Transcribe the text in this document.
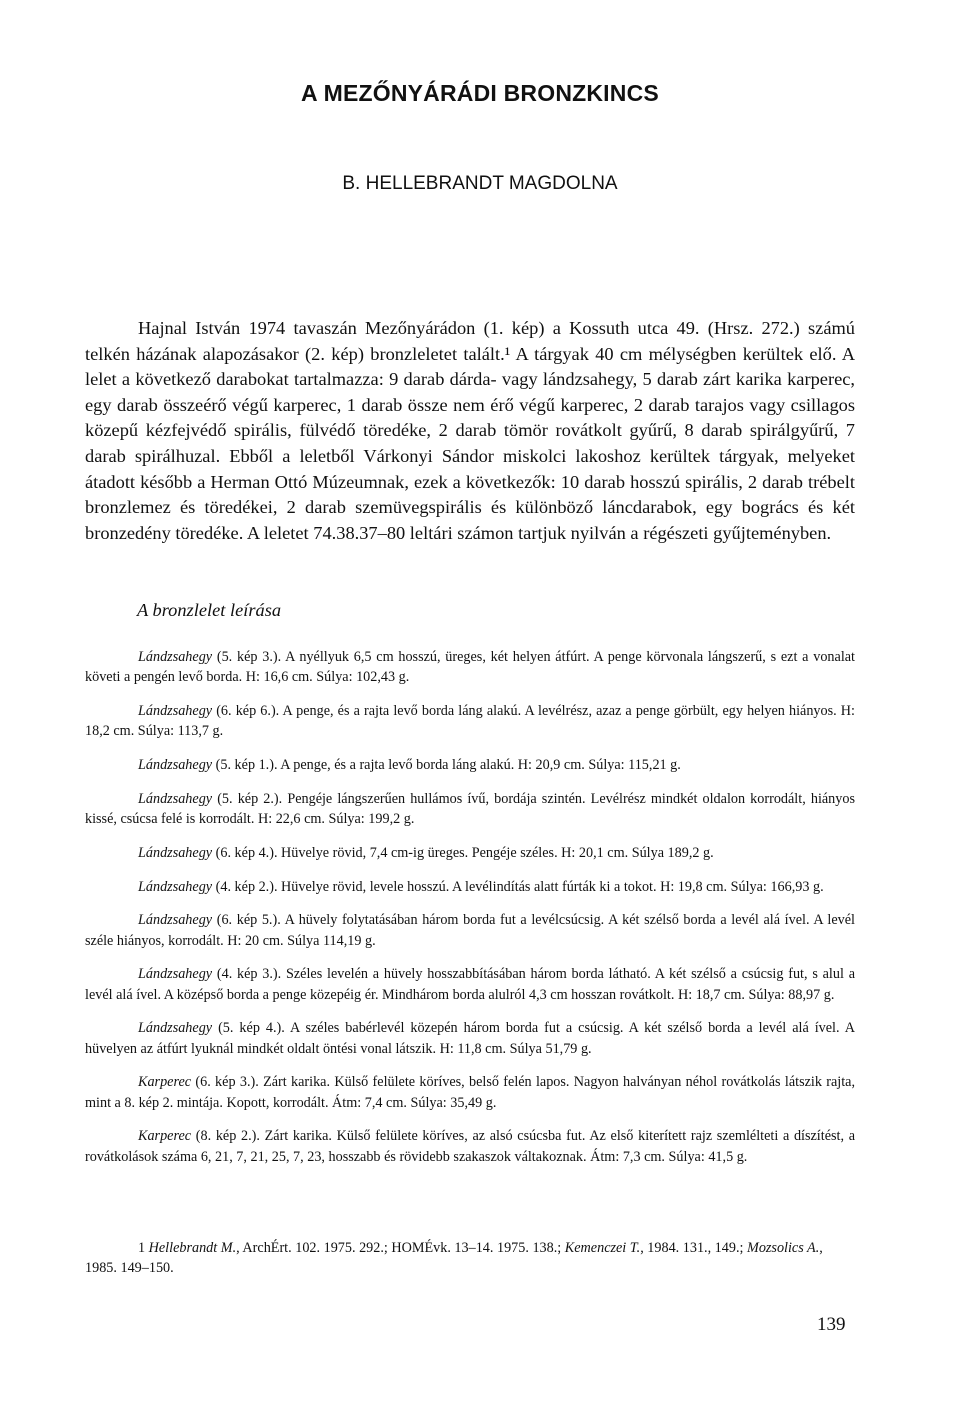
A MEZŐNYÁRÁDI BRONZKINCS
B. HELLEBRANDT MAGDOLNA

Hajnal István 1974 tavaszán Mezőnyárádon (1. kép) a Kossuth utca 49. (Hrsz. 272.) számú telkén házának alapozásakor (2. kép) bronzleletet talált.¹ A tárgyak 40 cm mélységben kerültek elő. A lelet a következő darabokat tartalmazza: 9 darab dárda- vagy lándzsahegy, 5 darab zárt karika karperec, egy darab összeérő végű karperec, 1 darab össze nem érő végű karperec, 2 darab tarajos vagy csillagos közepű kézfejvédő spirális, fülvédő töredéke, 2 darab tömör rovátkolt gyűrű, 8 darab spirálgyűrű, 7 darab spirálhuzal. Ebből a leletből Várkonyi Sándor miskolci lakoshoz kerültek tárgyak, melyeket átadott később a Herman Ottó Múzeumnak, ezek a következők: 10 darab hosszú spirális, 2 darab trébelt bronzlemez és töredékei, 2 darab szemüvegspirális és különböző láncdarabok, egy bogrács és két bronzedény töredéke. A leletet 74.38.37–80 leltári számon tartjuk nyilván a régészeti gyűjteményben.

A bronzlelet leírása

Lándzsahegy (5. kép 3.). A nyéllyuk 6,5 cm hosszú, üreges, két helyen átfúrt. A penge körvonala lángszerű, s ezt a vonalat követi a pengén levő borda. H: 16,6 cm. Súlya: 102,43 g.

Lándzsahegy (6. kép 6.). A penge, és a rajta levő borda láng alakú. A levélrész, azaz a penge görbült, egy helyen hiányos. H: 18,2 cm. Súlya: 113,7 g.

Lándzsahegy (5. kép 1.). A penge, és a rajta levő borda láng alakú. H: 20,9 cm. Súlya: 115,21 g.

Lándzsahegy (5. kép 2.). Pengéje lángszerűen hullámos ívű, bordája szintén. Levélrész mindkét oldalon korrodált, hiányos kissé, csúcsa felé is korrodált. H: 22,6 cm. Súlya: 199,2 g.

Lándzsahegy (6. kép 4.). Hüvelye rövid, 7,4 cm-ig üreges. Pengéje széles. H: 20,1 cm. Súlya 189,2 g.

Lándzsahegy (4. kép 2.). Hüvelye rövid, levele hosszú. A levélindítás alatt fúrták ki a tokot. H: 19,8 cm. Súlya: 166,93 g.

Lándzsahegy (6. kép 5.). A hüvely folytatásában három borda fut a levélcsúcsig. A két szélső borda a levél alá ível. A levél széle hiányos, korrodált. H: 20 cm. Súlya 114,19 g.

Lándzsahegy (4. kép 3.). Széles levelén a hüvely hosszabbításában három borda látható. A két szélső a csúcsig fut, s alul a levél alá ível. A középső borda a penge közepéig ér. Mindhárom borda alulról 4,3 cm hosszan rovátkolt. H: 18,7 cm. Súlya: 88,97 g.

Lándzsahegy (5. kép 4.). A széles babérlevél közepén három borda fut a csúcsig. A két szélső borda a levél alá ível. A hüvelyen az átfúrt lyuknál mindkét oldalt öntési vonal látszik. H: 11,8 cm. Súlya 51,79 g.

Karperec (6. kép 3.). Zárt karika. Külső felülete köríves, belső felén lapos. Nagyon halványan néhol rovátkolás látszik rajta, mint a 8. kép 2. mintája. Kopott, korrodált. Átm: 7,4 cm. Súlya: 35,49 g.

Karperec (8. kép 2.). Zárt karika. Külső felülete köríves, az alsó csúcsba fut. Az első kiterített rajz szemlélteti a díszítést, a rovátkolások száma 6, 21, 7, 21, 25, 7, 23, hosszabb és rövidebb szakaszok váltakoznak. Átm: 7,3 cm. Súlya: 41,5 g.

1 Hellebrandt M., ArchÉrt. 102. 1975. 292.; HOMÉvk. 13–14. 1975. 138.; Kemenczei T., 1984. 131., 149.; Mozsolics A., 1985. 149–150.

139
